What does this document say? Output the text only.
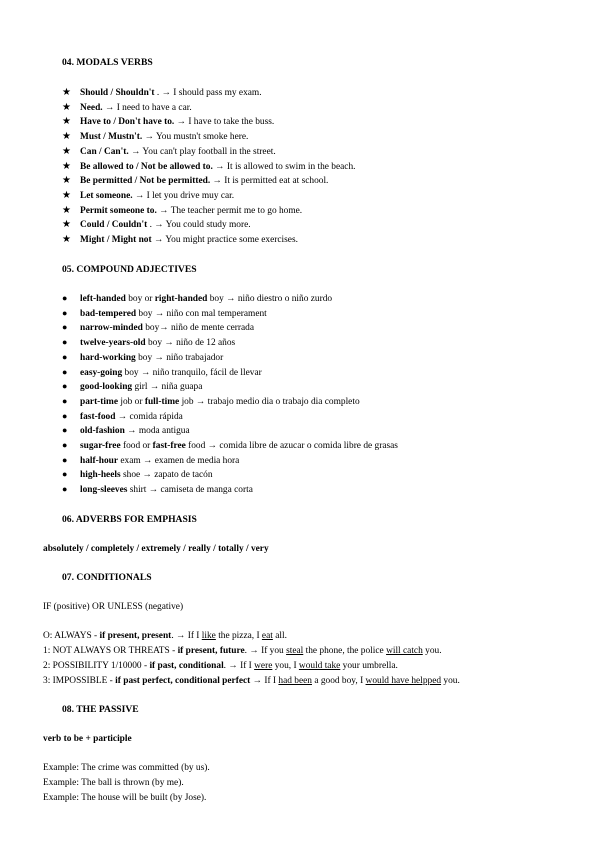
04. MODALS VERBS
★ Should / Shouldn't . → I should pass my exam.
★ Need. → I need to have a car.
★ Have to / Don't have to. → I have to take the buss.
★ Must / Mustn't. → You mustn't smoke here.
★ Can / Can't. → You can't play football in the street.
★ Be allowed to / Not be allowed to. → It is allowed to swim in the beach.
★ Be permitted / Not be permitted. → It is permitted eat at school.
★ Let someone. → I let you drive muy car.
★ Permit someone to. → The teacher permit me to go home.
★ Could / Couldn't . → You could study more.
★ Might / Might not → You might practice some exercises.
05. COMPOUND ADJECTIVES
● left-handed boy or right-handed boy → niño diestro o niño zurdo
● bad-tempered boy → niño con mal temperament
● narrow-minded boy→ niño de mente cerrada
● twelve-years-old boy → niño de 12 años
● hard-working boy → niño trabajador
● easy-going boy → niño tranquilo, fácil de llevar
● good-looking girl → niña guapa
● part-time job or full-time job → trabajo medio dia o trabajo dia completo
● fast-food → comida rápida
● old-fashion → moda antigua
● sugar-free food or fast-free food → comida libre de azucar o comida libre de grasas
● half-hour exam → examen de media hora
● high-heels shoe → zapato de tacón
● long-sleeves shirt → camiseta de manga corta
06. ADVERBS FOR EMPHASIS
absolutely / completely / extremely / really / totally / very
07. CONDITIONALS
IF (positive) OR UNLESS (negative)
O: ALWAYS - if present, present. → If I like the pizza, I eat all.
1: NOT ALWAYS OR THREATS - if present, future. → If you steal the phone, the police will catch you.
2: POSSIBILITY 1/10000 - if past, conditional. → If I were you, I would take your umbrella.
3: IMPOSSIBLE - if past perfect, conditional perfect → If I had been a good boy, I would have helpped you.
08. THE PASSIVE
verb to be + participle
Example: The crime was committed (by us).
Example: The ball is thrown (by me).
Example: The house will be built (by Jose).
